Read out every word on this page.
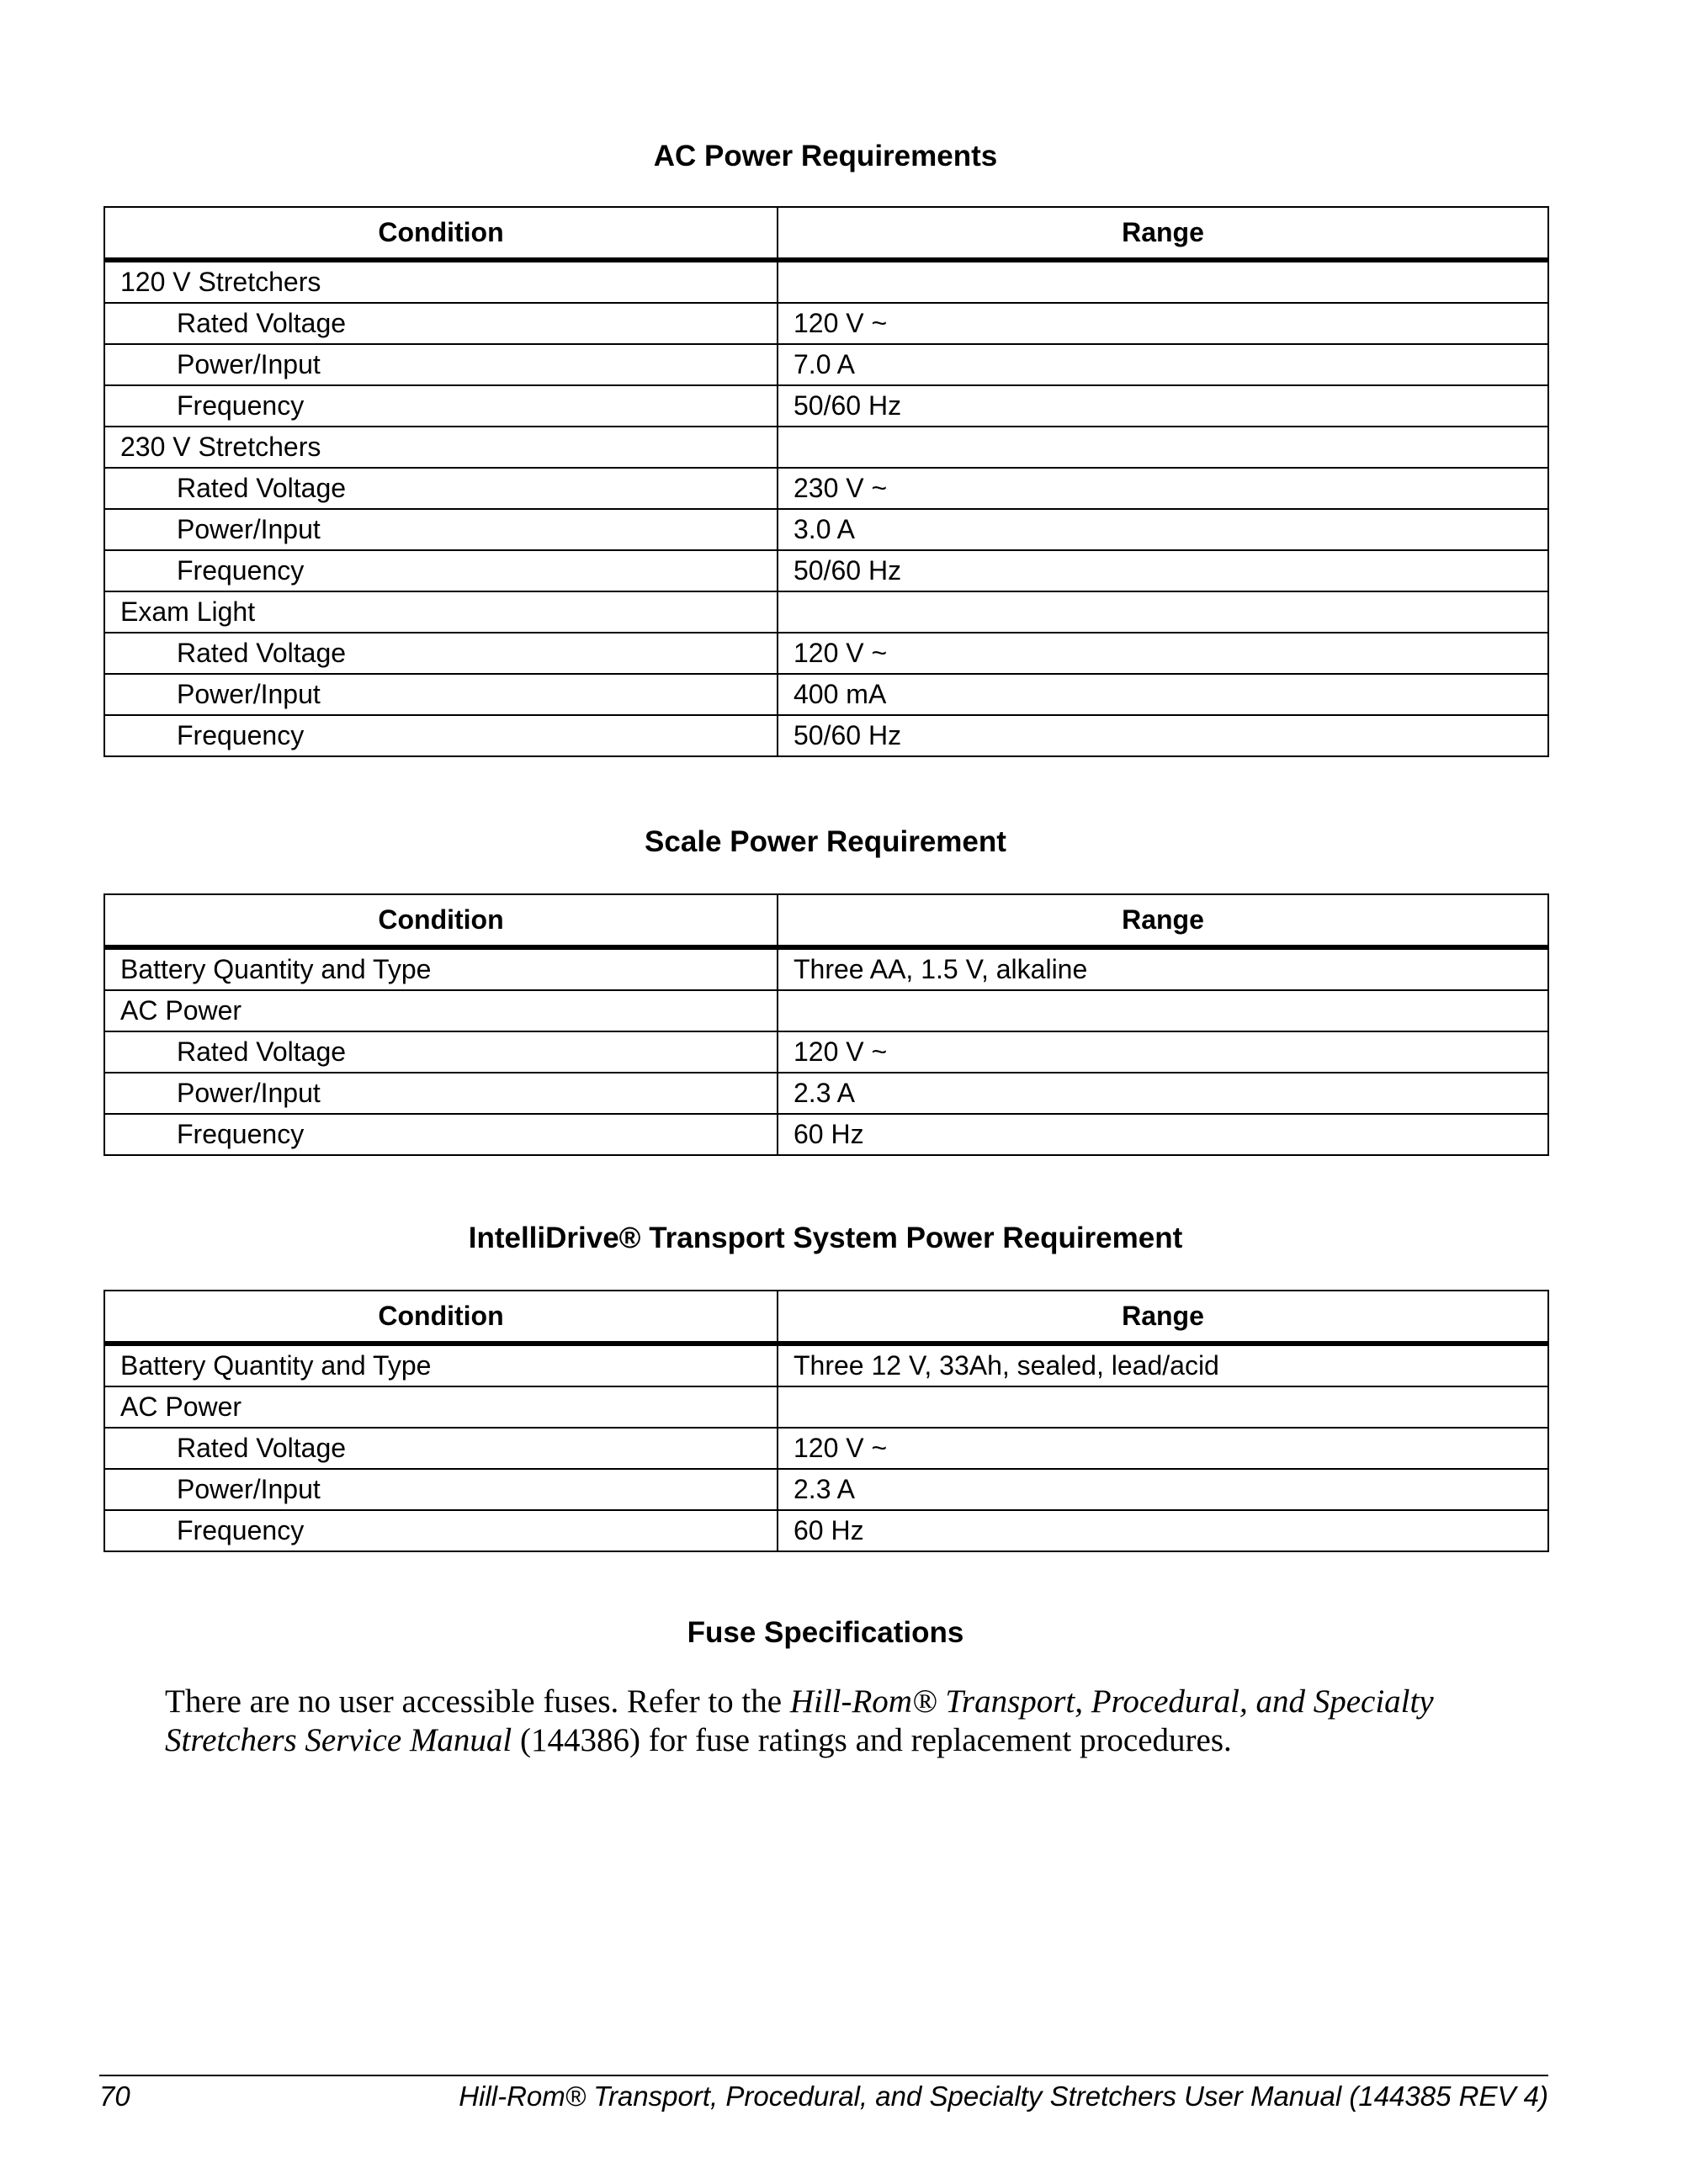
AC Power Requirements
Condition	Range
120 V Stretchers	
Rated Voltage	120 V ~
Power/Input	7.0 A
Frequency	50/60 Hz
230 V Stretchers	
Rated Voltage	230 V ~
Power/Input	3.0 A
Frequency	50/60 Hz
Exam Light	
Rated Voltage	120 V ~
Power/Input	400 mA
Frequency	50/60 Hz
Scale Power Requirement
Condition	Range
Battery Quantity and Type	Three AA, 1.5 V, alkaline
AC Power	
Rated Voltage	120 V ~
Power/Input	2.3 A
Frequency	60 Hz
IntelliDrive® Transport System Power Requirement
Condition	Range
Battery Quantity and Type	Three 12 V, 33Ah, sealed, lead/acid
AC Power	
Rated Voltage	120 V ~
Power/Input	2.3 A
Frequency	60 Hz
Fuse Specifications
There are no user accessible fuses. Refer to the Hill-Rom® Transport, Procedural, and Specialty Stretchers Service Manual (144386) for fuse ratings and replacement procedures.
70	Hill-Rom® Transport, Procedural, and Specialty Stretchers User Manual (144385 REV 4)
